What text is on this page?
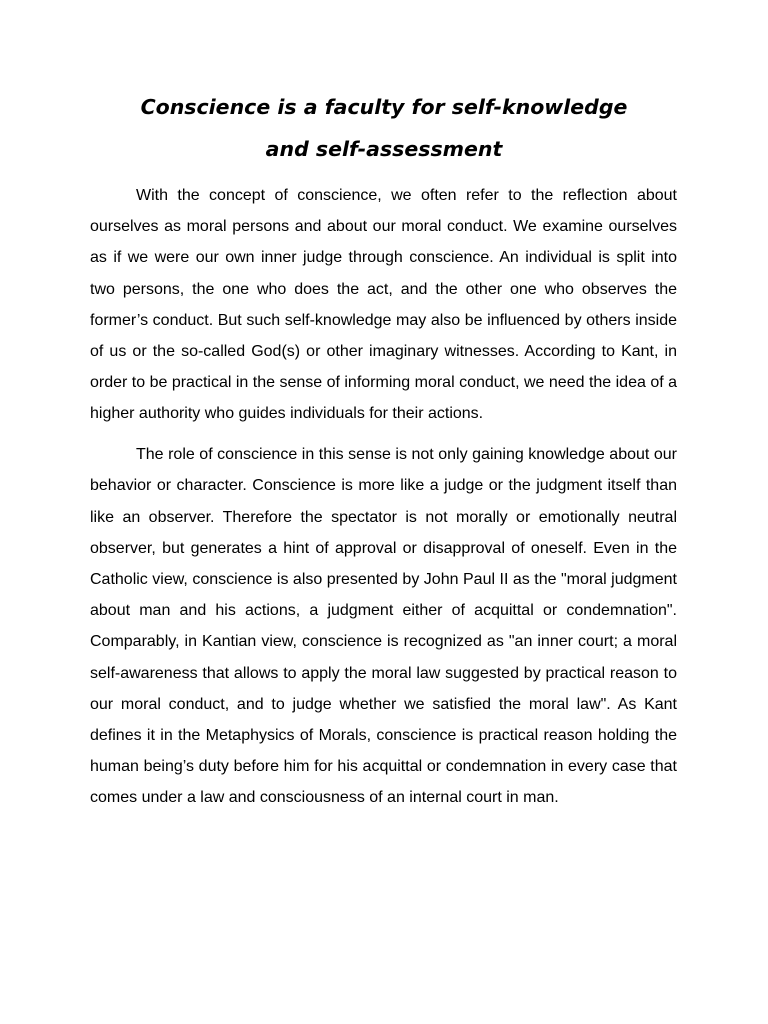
Conscience is a faculty for self-knowledge
and self-assessment

With the concept of conscience, we often refer to the reflection about ourselves as moral persons and about our moral conduct. We examine ourselves as if we were our own inner judge through conscience. An individual is split into two persons, the one who does the act, and the other one who observes the former’s conduct. But such self-knowledge may also be influenced by others inside of us or the so-called God(s) or other imaginary witnesses. According to Kant, in order to be practical in the sense of informing moral conduct, we need the idea of a higher authority who guides individuals for their actions.

The role of conscience in this sense is not only gaining knowledge about our behavior or character. Conscience is more like a judge or the judgment itself than like an observer. Therefore the spectator is not morally or emotionally neutral observer, but generates a hint of approval or disapproval of oneself. Even in the Catholic view, conscience is also presented by John Paul II as the "moral judgment about man and his actions, a judgment either of acquittal or condemnation". Comparably, in Kantian view, conscience is recognized as "an inner court; a moral self-awareness that allows to apply the moral law suggested by practical reason to our moral conduct, and to judge whether we satisfied the moral law". As Kant defines it in the Metaphysics of Morals, conscience is practical reason holding the human being’s duty before him for his acquittal or condemnation in every case that comes under a law and consciousness of an internal court in man.
